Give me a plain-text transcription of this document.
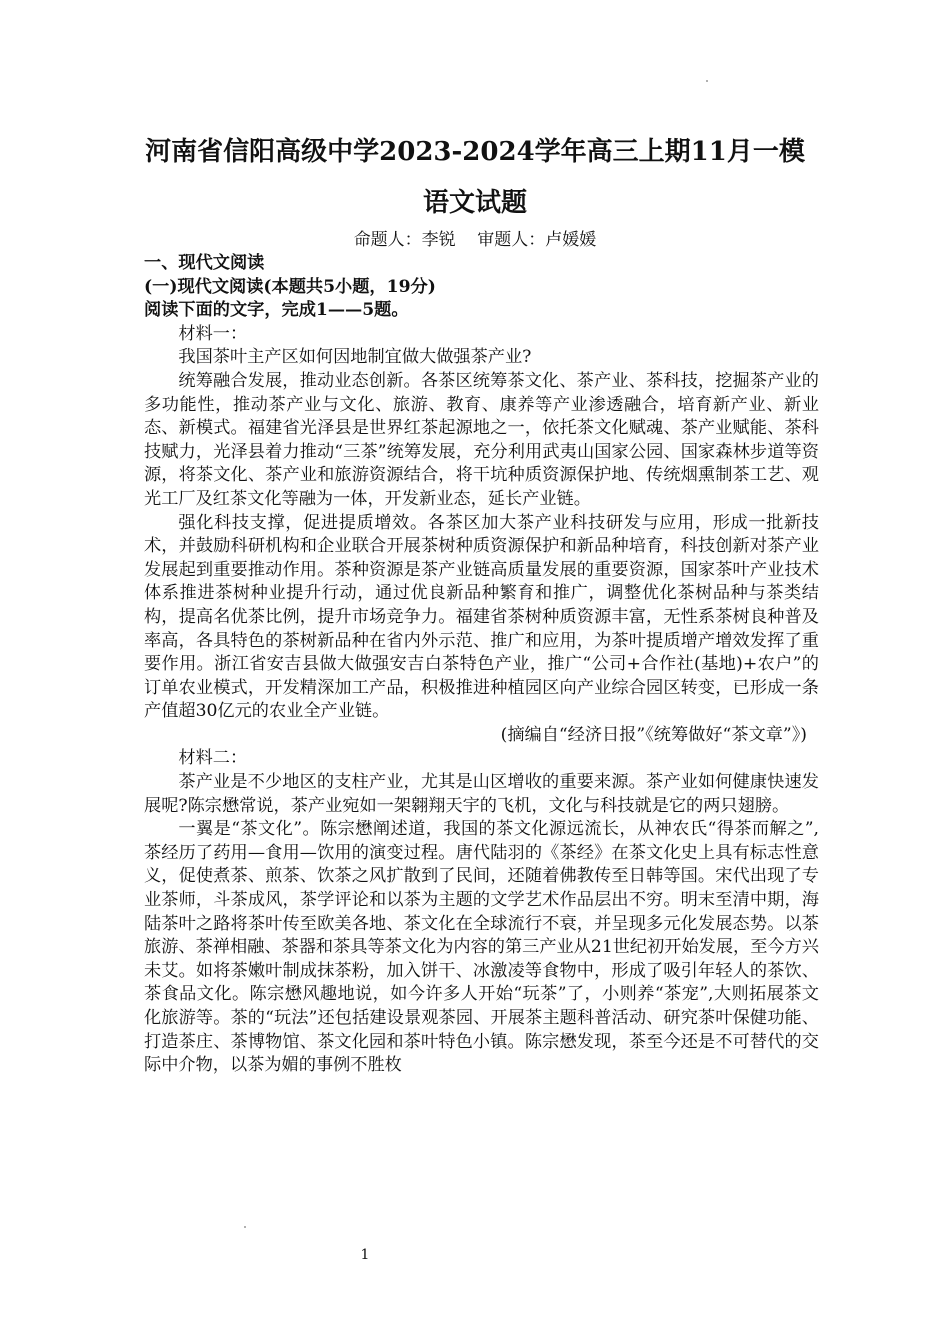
河南省信阳高级中学2023-2024学年高三上期11月一模
语文试题
命题人：李锐    审题人：卢媛媛

一、现代文阅读

(一)现代文阅读(本题共5小题，19分)

阅读下面的文字，完成1——5题。

材料一：

我国茶叶主产区如何因地制宜做大做强茶产业?

统筹融合发展，推动业态创新。各茶区统筹茶文化、茶产业、茶科技，挖掘茶产业的多功能性，推动茶产业与文化、旅游、教育、康养等产业渗透融合，培育新产业、新业态、新模式。福建省光泽县是世界红茶起源地之一，依托茶文化赋魂、茶产业赋能、茶科技赋力，光泽县着力推动“三茶”统筹发展，充分利用武夷山国家公园、国家森林步道等资源，将茶文化、茶产业和旅游资源结合，将干坑种质资源保护地、传统烟熏制茶工艺、观光工厂及红茶文化等融为一体，开发新业态，延长产业链。

强化科技支撑，促进提质增效。各茶区加大茶产业科技研发与应用，形成一批新技术，并鼓励科研机构和企业联合开展茶树种质资源保护和新品种培育，科技创新对茶产业发展起到重要推动作用。茶种资源是茶产业链高质量发展的重要资源，国家茶叶产业技术体系推进茶树种业提升行动，通过优良新品种繁育和推广，调整优化茶树品种与茶类结构，提高名优茶比例，提升市场竞争力。福建省茶树种质资源丰富，无性系茶树良种普及率高，各具特色的茶树新品种在省内外示范、推广和应用，为茶叶提质增产增效发挥了重要作用。浙江省安吉县做大做强安吉白茶特色产业，推广“公司+合作社(基地)+农户”的订单农业模式，开发精深加工产品，积极推进种植园区向产业综合园区转变，已形成一条产值超30亿元的农业全产业链。

(摘编自“经济日报”《统筹做好“茶文章”》)

材料二：

茶产业是不少地区的支柱产业，尤其是山区增收的重要来源。茶产业如何健康快速发展呢?陈宗懋常说，茶产业宛如一架翱翔天宇的飞机，文化与科技就是它的两只翅膀。

一翼是“茶文化”。陈宗懋阐述道，我国的茶文化源远流长，从神农氏“得茶而解之”,茶经历了药用—食用—饮用的演变过程。唐代陆羽的《茶经》在茶文化史上具有标志性意义，促使煮茶、煎茶、饮茶之风扩散到了民间，还随着佛教传至日韩等国。宋代出现了专业茶师，斗茶成风，茶学评论和以茶为主题的文学艺术作品层出不穷。明末至清中期，海陆茶叶之路将茶叶传至欧美各地、茶文化在全球流行不衰，并呈现多元化发展态势。以茶旅游、茶禅相融、茶器和茶具等茶文化为内容的第三产业从21世纪初开始发展，至今方兴未艾。如将茶嫩叶制成抹茶粉，加入饼干、冰激凌等食物中，形成了吸引年轻人的茶饮、茶食品文化。陈宗懋风趣地说，如今许多人开始“玩茶”了，小则养“茶宠”,大则拓展茶文化旅游等。茶的“玩法”还包括建设景观茶园、开展茶主题科普活动、研究茶叶保健功能、打造茶庄、茶博物馆、茶文化园和茶叶特色小镇。陈宗懋发现，茶至今还是不可替代的交际中介物，以茶为媚的事例不胜枚

1
